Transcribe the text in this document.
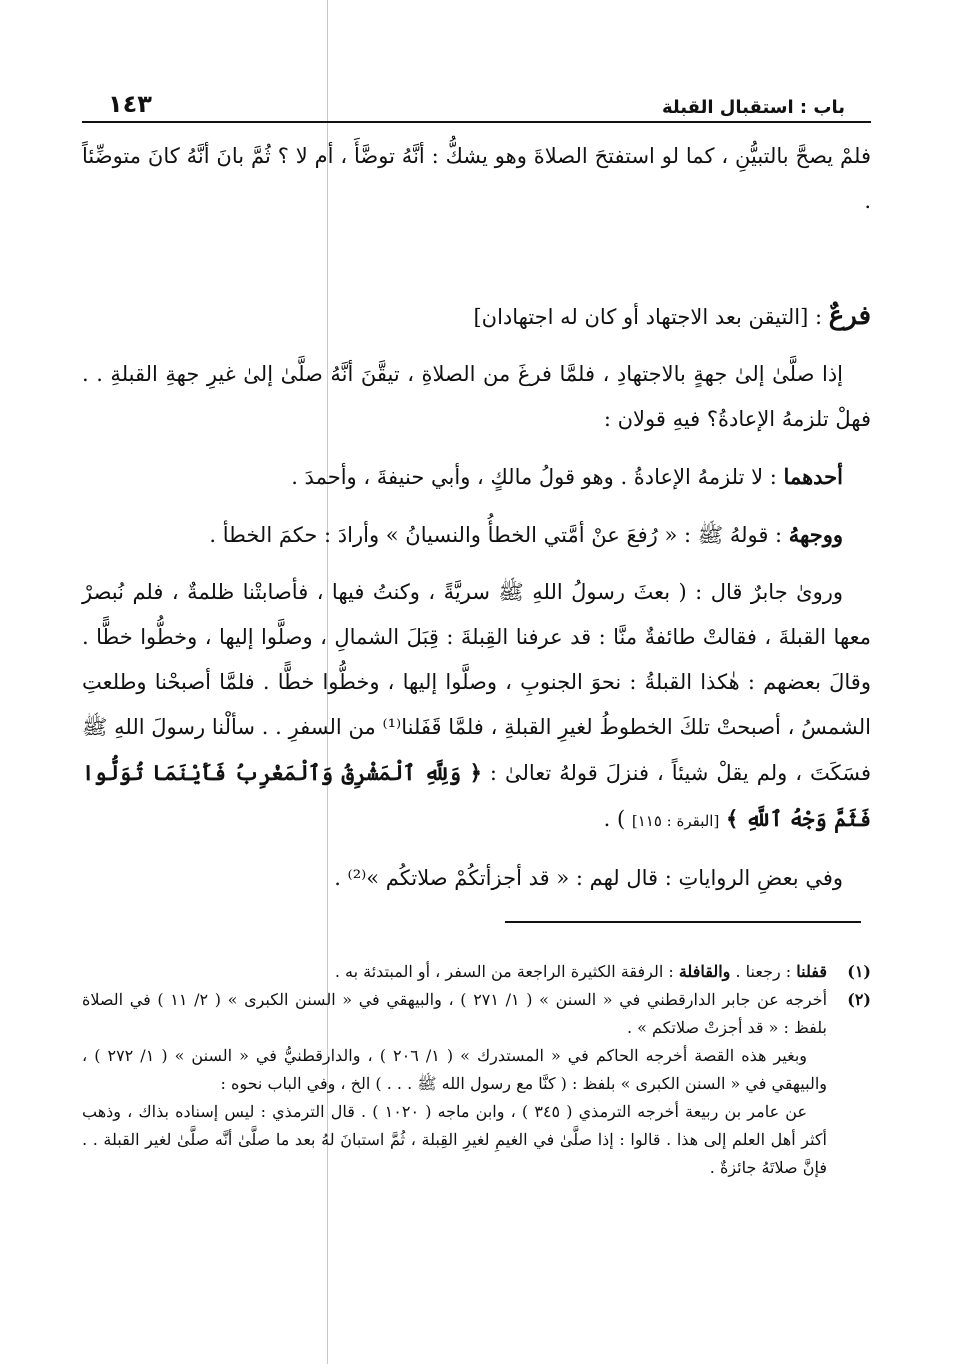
باب : استقبال القبلة
١٤٣

فلمْ يصحَّ بالتبيُّنِ ، كما لو استفتحَ الصلاةَ وهو يشكُّ : أنَّهُ توضَّأَ ، أم لا ؟ ثُمَّ بانَ أنَّهُ كانَ متوضِّئاً .

فرعٌ : [التيقن بعد الاجتهاد أو كان له اجتهادان]

إذا صلَّىٰ إلىٰ جهةٍ بالاجتهادِ ، فلمَّا فرغَ من الصلاةِ ، تيقَّنَ أنَّهُ صلَّىٰ إلىٰ غيرِ جهةِ القبلةِ . . فهلْ تلزمهُ الإعادةُ؟ فيهِ قولان :

أحدهما : لا تلزمهُ الإعادةُ . وهو قولُ مالكٍ ، وأبي حنيفةَ ، وأحمدَ .

ووجههُ : قولهُ ﷺ : « رُفعَ عنْ أمَّتي الخطأُ والنسيانُ » وأرادَ : حكمَ الخطأ .

وروىٰ جابرٌ قال : ( بعثَ رسولُ اللهِ ﷺ سريَّةً ، وكنتُ فيها ، فأصابتْنا ظلمةٌ ، فلم نُبصرْ معها القبلةَ ، فقالتْ طائفةٌ منَّا : قد عرفنا القِبلةَ : قِبَلَ الشمالِ ، وصلَّوا إليها ، وخطُّوا خطًّا . وقالَ بعضهم : هٰكذا القبلةُ : نحوَ الجنوبِ ، وصلَّوا إليها ، وخطُّوا خطًّا . فلمَّا أصبحْنا وطلعتِ الشمسُ ، أصبحتْ تلكَ الخطوطُ لغيرِ القبلةِ ، فلمَّا قَفَلنا⁽¹⁾ من السفرِ . . سألْنا رسولَ اللهِ ﷺ فسَكَتَ ، ولم يقلْ شيئاً ، فنزلَ قولهُ تعالىٰ : ﴿ وَلِلَّهِ ٱلْمَشْرِقُ وَٱلْمَغْرِبُ فَأَيْنَمَا تُوَلُّوا فَثَمَّ وَجْهُ ٱللَّهِ ﴾ [البقرة : ١١٥] ) .

وفي بعضِ الرواياتِ : قال لهم : « قد أجزأتكُمْ صلاتكُم »⁽²⁾ .

(١)
قفلنا : رجعنا . والقافلة : الرفقة الكثيرة الراجعة من السفر ، أو المبتدئة به .
(٢)
أخرجه عن جابر الدارقطني في « السنن » ( ١/ ٢٧١ ) ، والبيهقي في « السنن الكبرى » ( ٢/ ١١ ) في الصلاة بلفظ : « قد أجزتْ صلاتكم » .

وبغير هذه القصة أخرجه الحاكم في « المستدرك » ( ١/ ٢٠٦ ) ، والدارقطنيُّ في « السنن » ( ١/ ٢٧٢ ) ، والبيهقي في « السنن الكبرى » بلفظ : ( كنَّا مع رسول الله ﷺ . . . ) الخ ، وفي الباب نحوه :

عن عامر بن ربيعة أخرجه الترمذي ( ٣٤٥ ) ، وابن ماجه ( ١٠٢٠ ) . قال الترمذي : ليس إسناده بذاك ، وذهب أكثر أهل العلم إلى هذا . قالوا : إذا صلَّىٰ في الغيمِ لغيرِ القِبلة ، ثُمَّ استبانَ لهُ بعد ما صلَّىٰ أنَّه صلَّىٰ لغير القبلة . . فإنَّ صلاتَهُ جائزةٌ .
